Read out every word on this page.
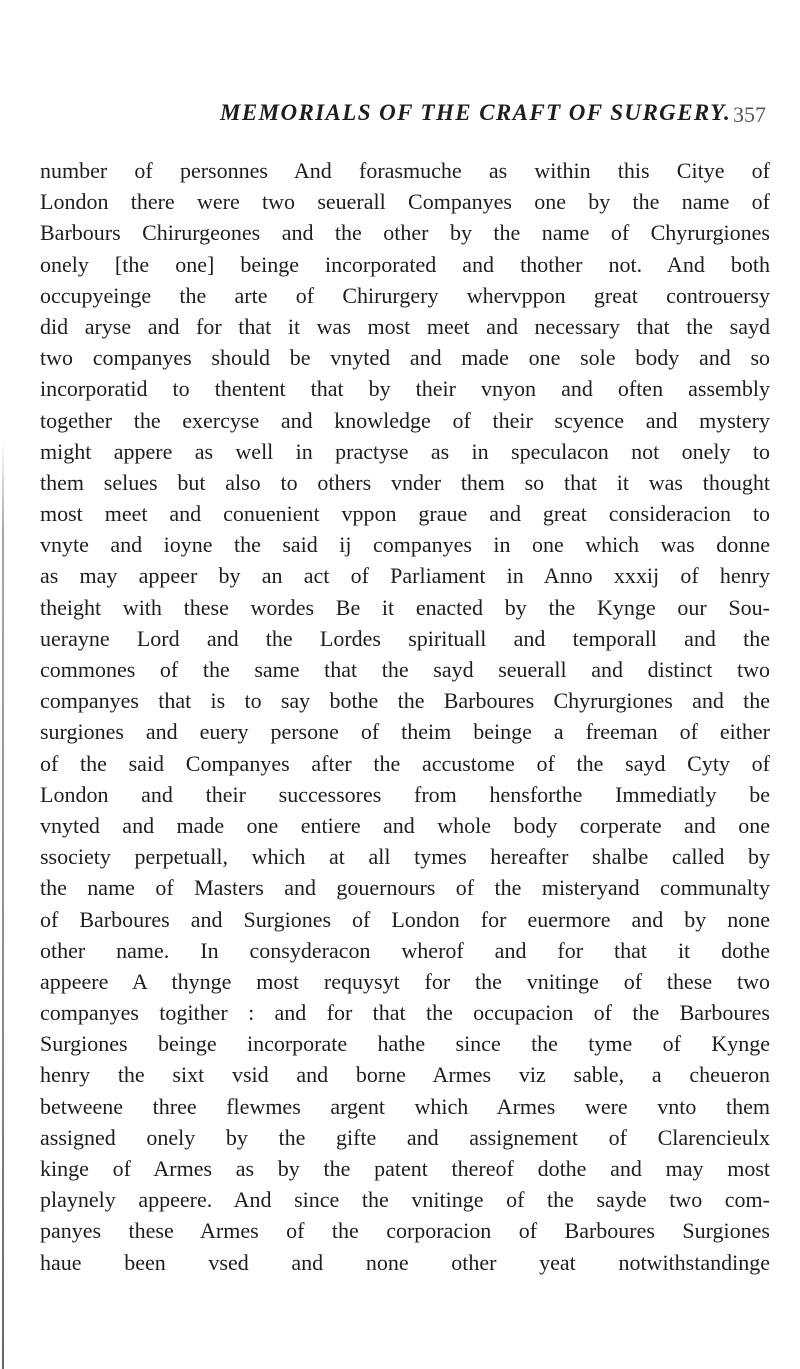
MEMORIALS OF THE CRAFT OF SURGERY. 357
number of personnes And forasmuche as within this Citye of
London there were two seuerall Companyes one by the name of
Barbours Chirurgeones and the other by the name of Chyrurgiones
onely [the one] beinge incorporated and thother not. And both
occupyeinge the arte of Chirurgery whervppon great controuersy
did aryse and for that it was most meet and necessary that the sayd
two companyes should be vnyted and made one sole body and so
incorporatid to thentent that by their vnyon and often assembly
together the exercyse and knowledge of their scyence and mystery
might appere as well in practyse as in speculacon not onely to
them selues but also to others vnder them so that it was thought
most meet and conuenient vppon graue and great consideracion to
vnyte and ioyne the said ij companyes in one which was donne
as may appeer by an act of Parliament in Anno xxxij of henry
theight with these wordes Be it enacted by the Kynge our Sou-
uerayne Lord and the Lordes spirituall and temporall and the
commones of the same that the sayd seuerall and distinct two
companyes that is to say bothe the Barboures Chyrurgiones and the
surgiones and euery persone of theim beinge a freeman of either
of the said Companyes after the accustome of the sayd Cyty of
London and their successores from hensforthe Immediatly be
vnyted and made one entiere and whole body corperate and one
ssociety perpetuall, which at all tymes hereafter shalbe called by
the name of Masters and gouernours of the misteryand communalty
of Barboures and Surgiones of London for euermore and by none
other name. In consyderacon wherof and for that it dothe
appeere A thynge most requysyt for the vnitinge of these two
companyes togither : and for that the occupacion of the Barboures
Surgiones beinge incorporate hathe since the tyme of Kynge
henry the sixt vsid and borne Armes viz sable, a cheueron
betweene three flewmes argent which Armes were vnto them
assigned onely by the gifte and assignement of Clarencieulx
kinge of Armes as by the patent thereof dothe and may most
playnely appeere. And since the vnitinge of the sayde two com-
panyes these Armes of the corporacion of Barboures Surgiones
haue been vsed and none other yeat notwithstandinge
